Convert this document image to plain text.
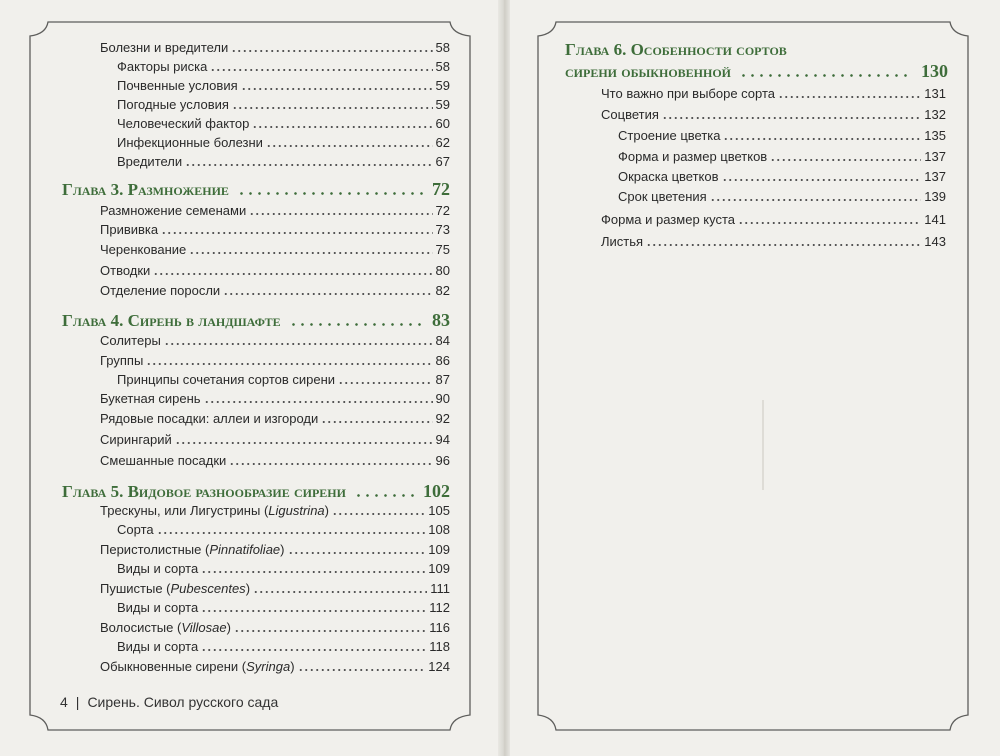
Болезни и вредители	58
Факторы риска	58
Почвенные условия	59
Погодные условия	59
Человеческий фактор	60
Инфекционные болезни	62
Вредители	67
Глава 3. Размножение	72
Размножение семенами	72
Прививка	73
Черенкование	75
Отводки	80
Отделение поросли	82
Глава 4. Сирень в ландшафте	83
Солитеры	84
Группы	86
Принципы сочетания сортов сирени	87
Букетная сирень	90
Рядовые посадки: аллеи и изгороди	92
Сирингарий	94
Смешанные посадки	96
Глава 5. Видовое разнообразие сирени	102
Трескуны, или Лигустрины (Ligustrina)	105
Сорта	108
Перистолистные (Pinnatifoliae)	109
Виды и сорта	109
Пушистые (Pubescentes)	111
Виды и сорта	112
Волосистые (Villosae)	116
Виды и сорта	118
Обыкновенные сирени (Syringa)	124
4 | Сирень. Сивол русского сада
Глава 6. Особенности сортов
сирени обыкновенной	130
Что важно при выборе сорта	131
Соцветия	132
Строение цветка	135
Форма и размер цветков	137
Окраска цветков	137
Срок цветения	139
Форма и размер куста	141
Листья	143
